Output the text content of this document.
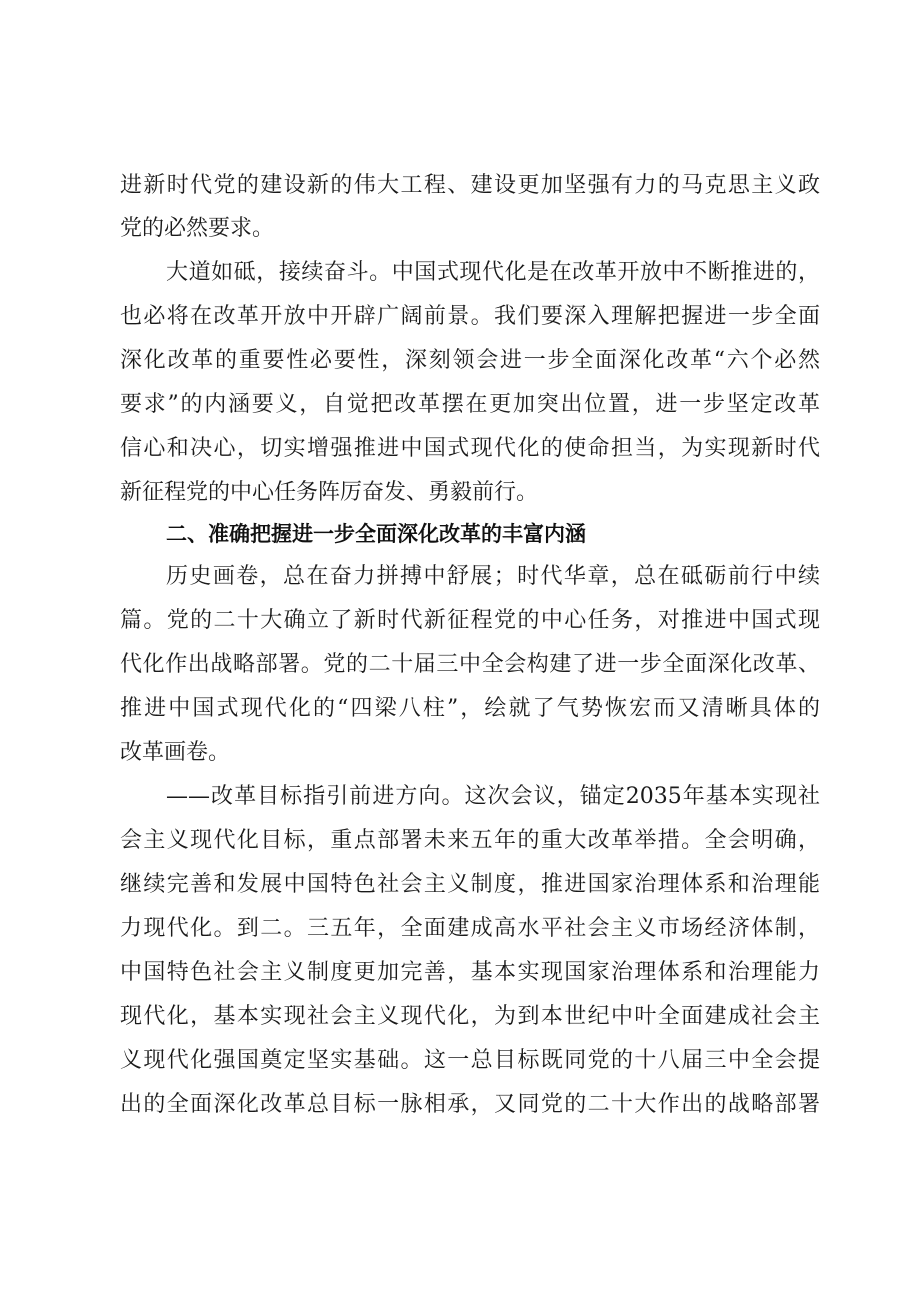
进新时代党的建设新的伟大工程、建设更加坚强有力的马克思主义政
党的必然要求。
大道如砥，接续奋斗。中国式现代化是在改革开放中不断推进的，
也必将在改革开放中开辟广阔前景。我们要深入理解把握进一步全面
深化改革的重要性必要性，深刻领会进一步全面深化改革“六个必然
要求”的内涵要义，自觉把改革摆在更加突出位置，进一步坚定改革
信心和决心，切实增强推进中国式现代化的使命担当，为实现新时代
新征程党的中心任务阵厉奋发、勇毅前行。
二、准确把握进一步全面深化改革的丰富内涵
历史画卷，总在奋力拼搏中舒展；时代华章，总在砥砺前行中续
篇。党的二十大确立了新时代新征程党的中心任务，对推进中国式现
代化作出战略部署。党的二十届三中全会构建了进一步全面深化改革、
推进中国式现代化的“四梁八柱”，绘就了气势恢宏而又清晰具体的
改革画卷。
——改革目标指引前进方向。这次会议，锚定2035年基本实现社
会主义现代化目标，重点部署未来五年的重大改革举措。全会明确，
继续完善和发展中国特色社会主义制度，推进国家治理体系和治理能
力现代化。到二。三五年，全面建成高水平社会主义市场经济体制，
中国特色社会主义制度更加完善，基本实现国家治理体系和治理能力
现代化，基本实现社会主义现代化，为到本世纪中叶全面建成社会主
义现代化强国奠定坚实基础。这一总目标既同党的十八届三中全会提
出的全面深化改革总目标一脉相承，又同党的二十大作出的战略部署
